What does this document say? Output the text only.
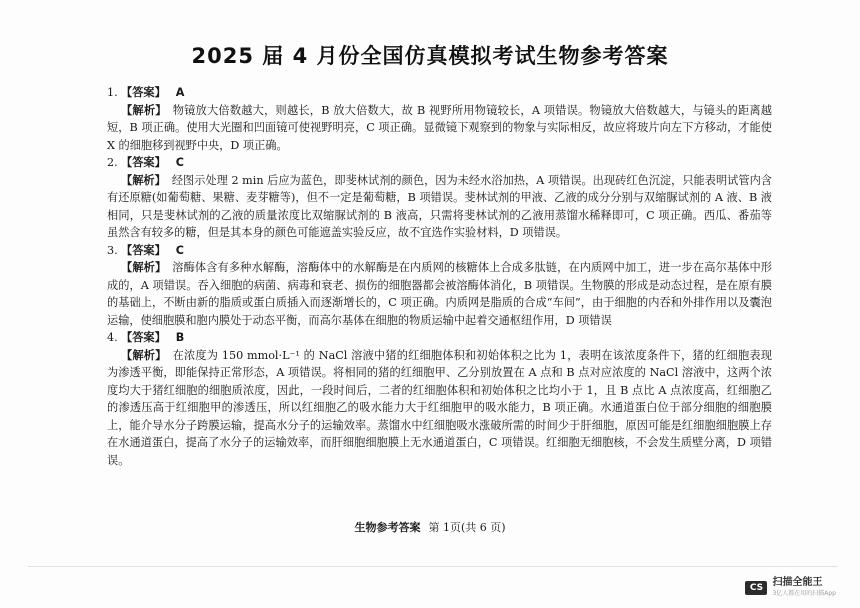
2025 届 4 月份全国仿真模拟考试生物参考答案
1. 【答案】 A
【解析】 物镜放大倍数越大，则越长，B 放大倍数大，故 B 视野所用物镜较长，A 项错误。物镜放大倍数越大，与镜头的距离越短，B 项正确。使用大光圈和凹面镜可使视野明亮，C 项正确。显微镜下观察到的物象与实际相反，故应将玻片向左下方移动，才能使 X 的细胞移到视野中央，D 项正确。
2. 【答案】 C
【解析】 经图示处理 2 min 后应为蓝色，即斐林试剂的颜色，因为未经水浴加热，A 项错误。出现砖红色沉淀，只能表明试管内含有还原糖(如葡萄糖、果糖、麦芽糖等)，但不一定是葡萄糖，B 项错误。斐林试剂的甲液、乙液的成分分别与双缩脲试剂的 A 液、B 液相同，只是斐林试剂的乙液的质量浓度比双缩脲试剂的 B 液高，只需将斐林试剂的乙液用蒸馏水稀释即可，C 项正确。西瓜、番茄等虽然含有较多的糖，但是其本身的颜色可能遮盖实验反应，故不宜选作实验材料，D 项错误。
3. 【答案】 C
【解析】 溶酶体含有多种水解酶，溶酶体中的水解酶是在内质网的核糖体上合成多肽链，在内质网中加工，进一步在高尔基体中形成的，A 项错误。吞入细胞的病菌、病毒和衰老、损伤的细胞器都会被溶酶体消化，B 项错误。生物膜的形成是动态过程，是在原有膜的基础上，不断由新的脂质或蛋白质插入而逐渐增长的，C 项正确。内质网是脂质的合成“车间”，由于细胞的内吞和外排作用以及囊泡运输，使细胞膜和胞内膜处于动态平衡，而高尔基体在细胞的物质运输中起着交通枢纽作用，D 项错误
4. 【答案】 B
【解析】 在浓度为 150 mmol·L⁻¹ 的 NaCl 溶液中猪的红细胞体积和初始体积之比为 1，表明在该浓度条件下，猪的红细胞表现为渗透平衡，即能保持正常形态，A 项错误。将相同的猪的红细胞甲、乙分别放置在 A 点和 B 点对应浓度的 NaCl 溶液中，这两个浓度均大于猪红细胞的细胞质浓度，因此，一段时间后，二者的红细胞体积和初始体积之比均小于 1，且 B 点比 A 点浓度高，红细胞乙的渗透压高于红细胞甲的渗透压，所以红细胞乙的吸水能力大于红细胞甲的吸水能力，B 项正确。水通道蛋白位于部分细胞的细胞膜上，能介导水分子跨膜运输，提高水分子的运输效率。蒸馏水中红细胞吸水涨破所需的时间少于肝细胞，原因可能是红细胞细胞膜上存在水通道蛋白，提高了水分子的运输效率，而肝细胞细胞膜上无水通道蛋白，C 项错误。红细胞无细胞核，不会发生质壁分离，D 项错误。
生物参考答案 第 1页(共 6 页)
CS 扫描全能王
3亿人都在用的扫描App
